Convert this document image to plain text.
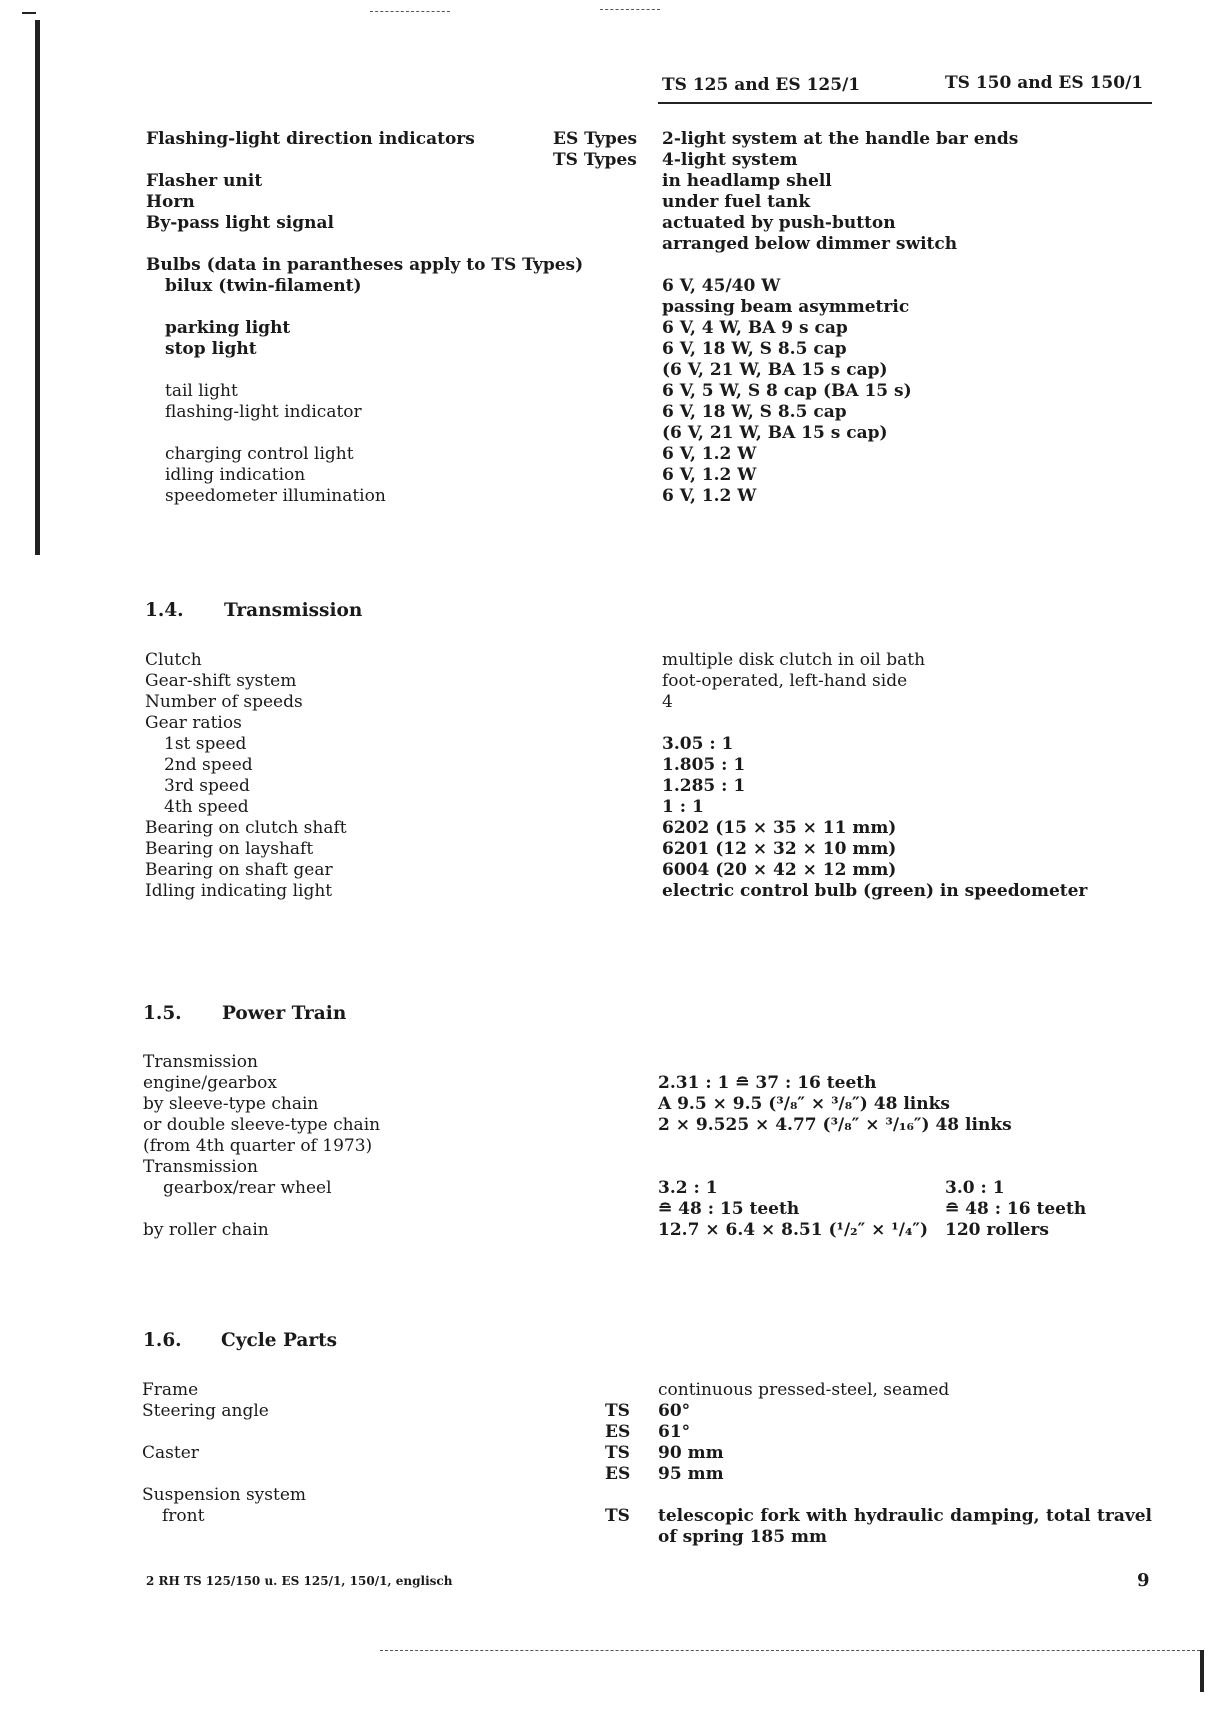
TS 125 and ES 125/1	TS 150 and ES 150/1
Flashing-light direction indicators	ES Types 2-light system at the handle bar ends
TS Types 4-light system
Flasher unit	in headlamp shell
Horn	under fuel tank
By-pass light signal	actuated by push-button
arranged below dimmer switch
Bulbs (data in parantheses apply to TS Types)
bilux (twin-filament)	6 V, 45/40 W
passing beam asymmetric
parking light	6 V, 4 W, BA 9 s cap
stop light	6 V, 18 W, S 8.5 cap
(6 V, 21 W, BA 15 s cap)
tail light	6 V, 5 W, S 8 cap (BA 15 s)
flashing-light indicator	6 V, 18 W, S 8.5 cap
(6 V, 21 W, BA 15 s cap)
charging control light	6 V, 1.2 W
idling indication	6 V, 1.2 W
speedometer illumination	6 V, 1.2 W
1.4. Transmission
Clutch	multiple disk clutch in oil bath
Gear-shift system	foot-operated, left-hand side
Number of speeds	4
Gear ratios
1st speed	3.05 : 1
2nd speed	1.805 : 1
3rd speed	1.285 : 1
4th speed	1 : 1
Bearing on clutch shaft	6202 (15 × 35 × 11 mm)
Bearing on layshaft	6201 (12 × 32 × 10 mm)
Bearing on shaft gear	6004 (20 × 42 × 12 mm)
Idling indicating light	electric control bulb (green) in speedometer
1.5. Power Train
Transmission
engine/gearbox	2.31 : 1 ≘ 37 : 16 teeth
by sleeve-type chain	A 9.5 × 9.5 (³/₈″ × ³/₈″) 48 links
or double sleeve-type chain	2 × 9.525 × 4.77 (³/₈″ × ³/₁₆″) 48 links
(from 4th quarter of 1973)
Transmission
gearbox/rear wheel	3.2 : 1	3.0 : 1
≘ 48 : 15 teeth	≘ 48 : 16 teeth
by roller chain	12.7 × 6.4 × 8.51 (¹/₂″ × ¹/₄″) 120 rollers
1.6. Cycle Parts
Frame	continuous pressed-steel, seamed
Steering angle	TS 60°
ES 61°
Caster	TS 90 mm
ES 95 mm
Suspension system
front	TS telescopic fork with hydraulic damping, total travel
of spring 185 mm
2 RH TS 125/150 u. ES 125/1, 150/1, englisch	9
